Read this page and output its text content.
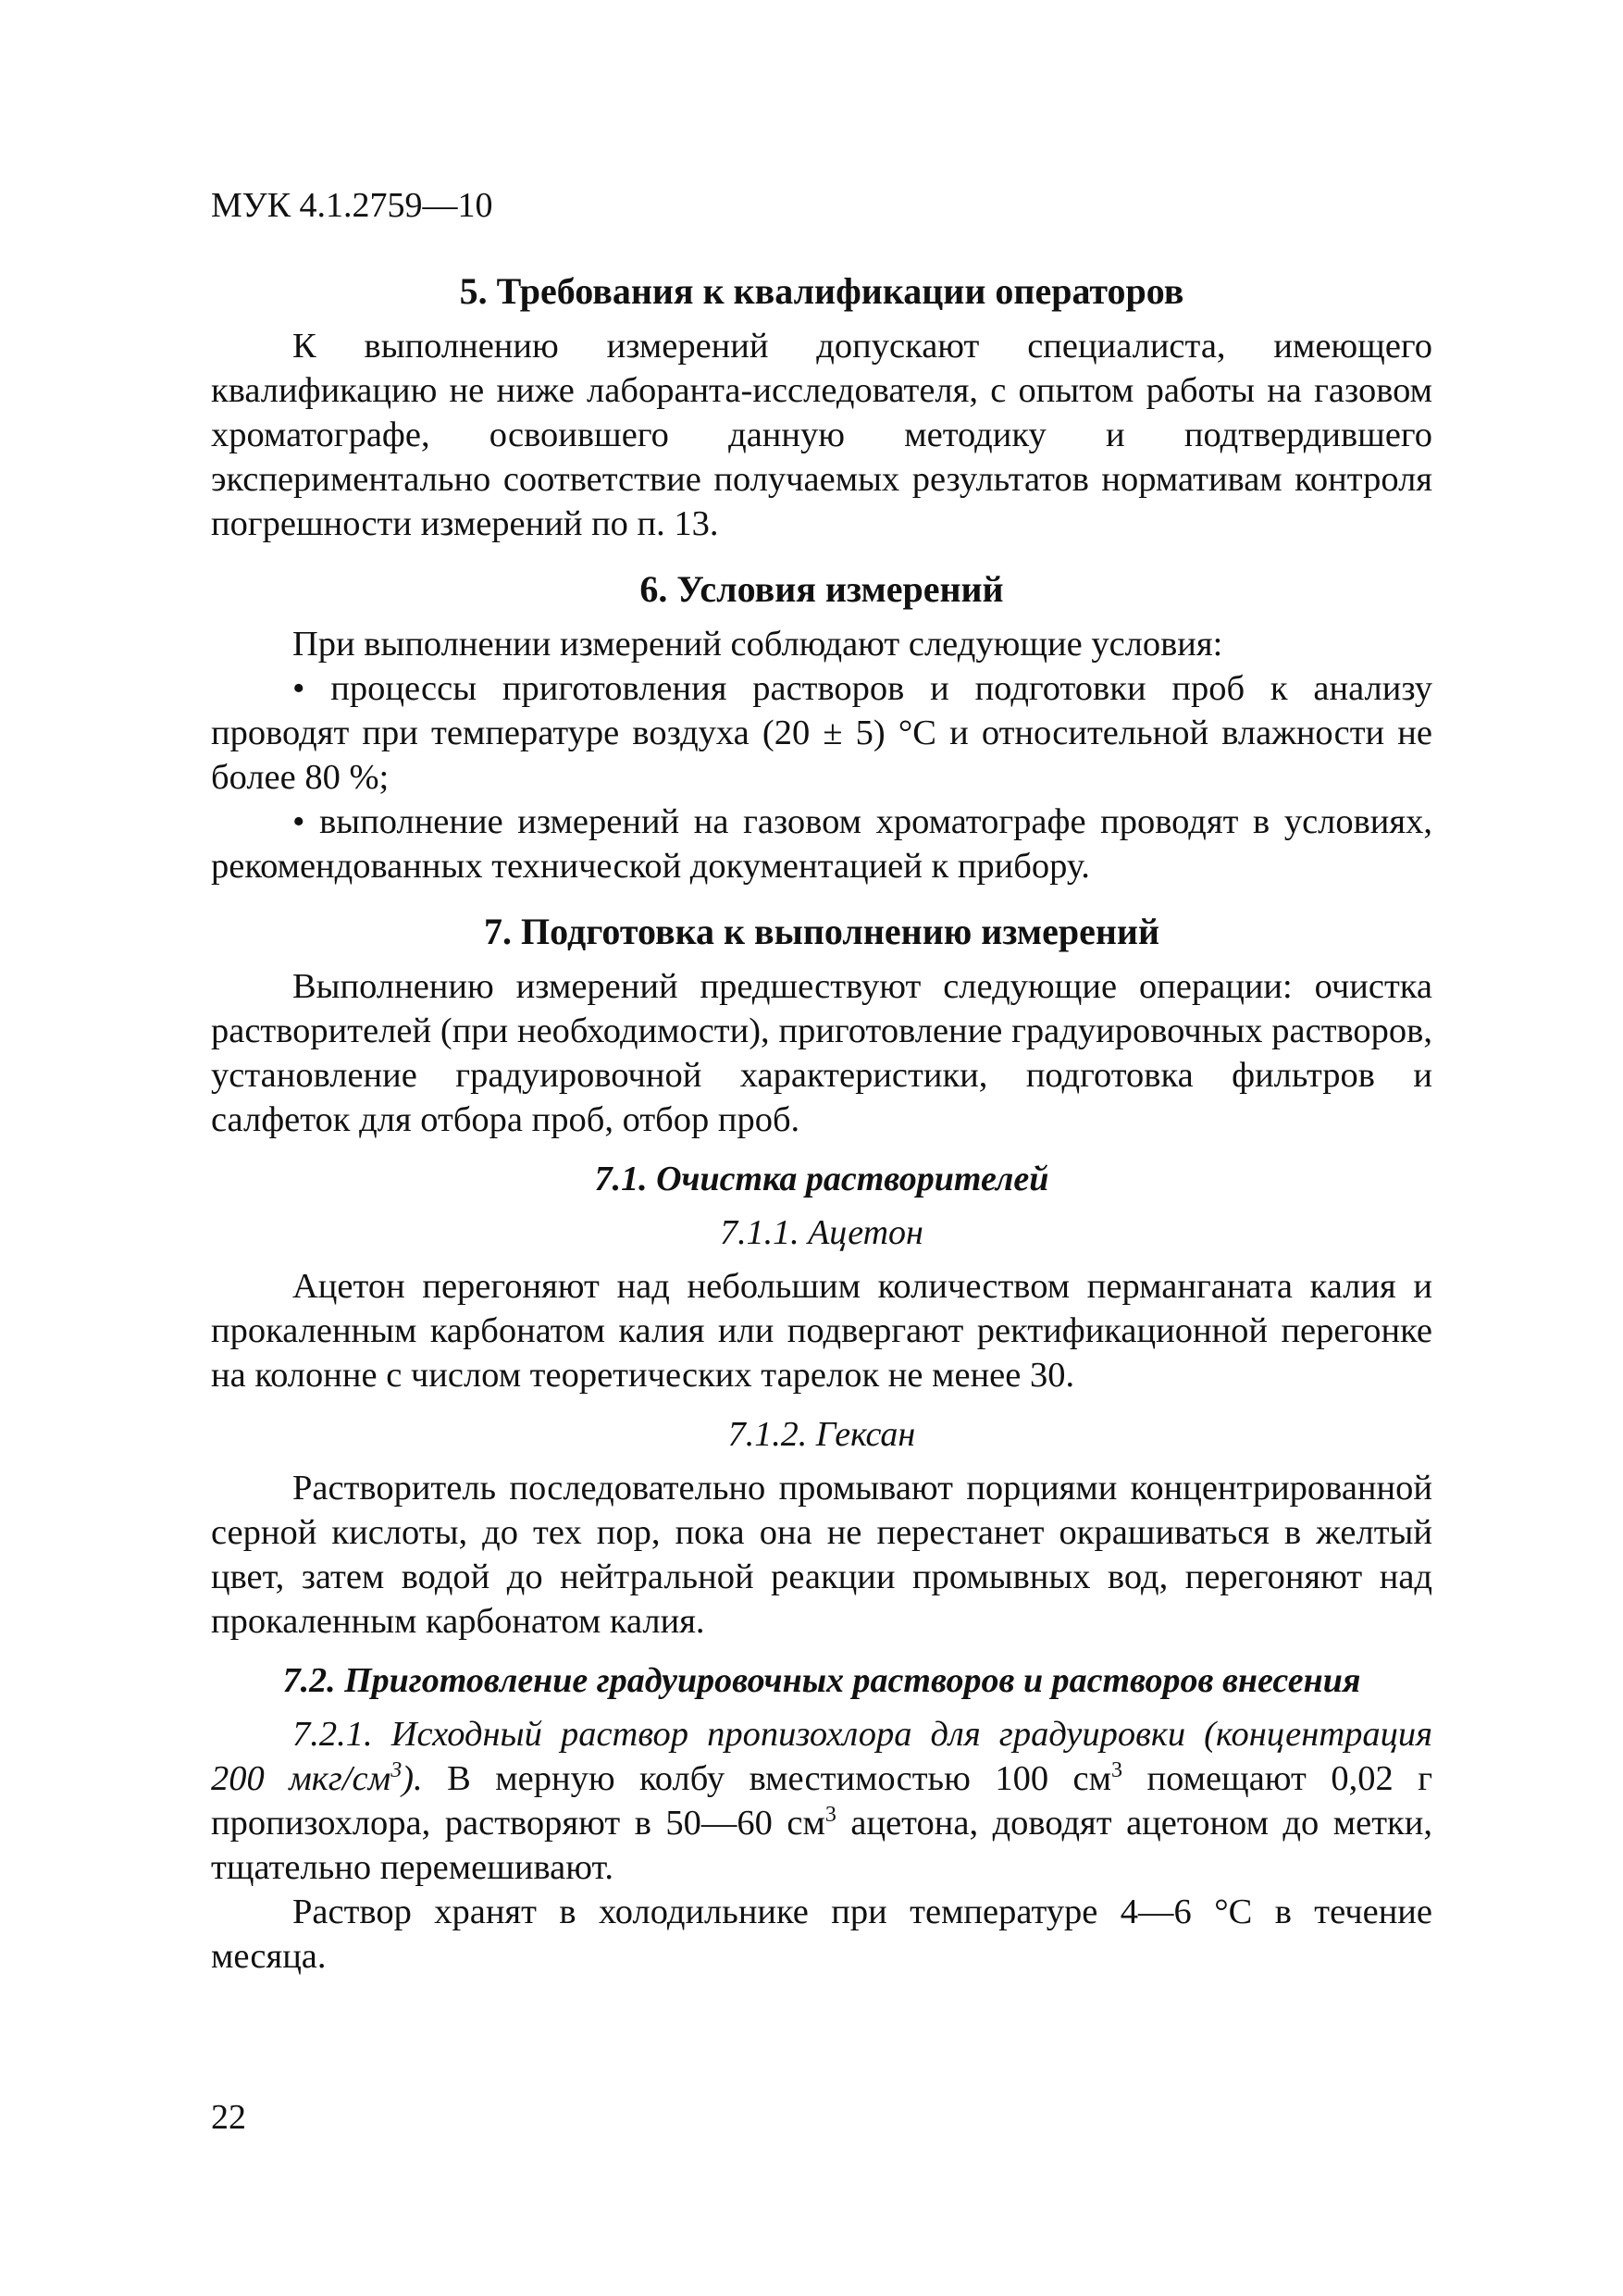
МУК 4.1.2759—10
5. Требования к квалификации операторов

К выполнению измерений допускают специалиста, имеющего квалификацию не ниже лаборанта-исследователя, с опытом работы на газовом хроматографе, освоившего данную методику и подтвердившего экспериментально соответствие получаемых результатов нормативам контроля погрешности измерений по п. 13.

6. Условия измерений

При выполнении измерений соблюдают следующие условия:

• процессы приготовления растворов и подготовки проб к анализу проводят при температуре воздуха (20 ± 5) °С и относительной влажности не более 80 %;

• выполнение измерений на газовом хроматографе проводят в условиях, рекомендованных технической документацией к прибору.

7. Подготовка к выполнению измерений

Выполнению измерений предшествуют следующие операции: очистка растворителей (при необходимости), приготовление градуировочных растворов, установление градуировочной характеристики, подготовка фильтров и салфеток для отбора проб, отбор проб.

7.1. Очистка растворителей
7.1.1. Ацетон

Ацетон перегоняют над небольшим количеством перманганата калия и прокаленным карбонатом калия или подвергают ректификационной перегонке на колонне с числом теоретических тарелок не менее 30.

7.1.2. Гексан

Растворитель последовательно промывают порциями концентрированной серной кислоты, до тех пор, пока она не перестанет окрашиваться в желтый цвет, затем водой до нейтральной реакции промывных вод, перегоняют над прокаленным карбонатом калия.

7.2. Приготовление градуировочных растворов и растворов внесения

7.2.1. Исходный раствор пропизохлора для градуировки (концентрация 200 мкг/$см^3$). В мерную колбу вместимостью 100 $см^3$ помещают 0,02 г пропизохлора, растворяют в 50—60 $см^3$ ацетона, доводят ацетоном до метки, тщательно перемешивают.

Раствор хранят в холодильнике при температуре 4—6 °С в течение месяца.

22
